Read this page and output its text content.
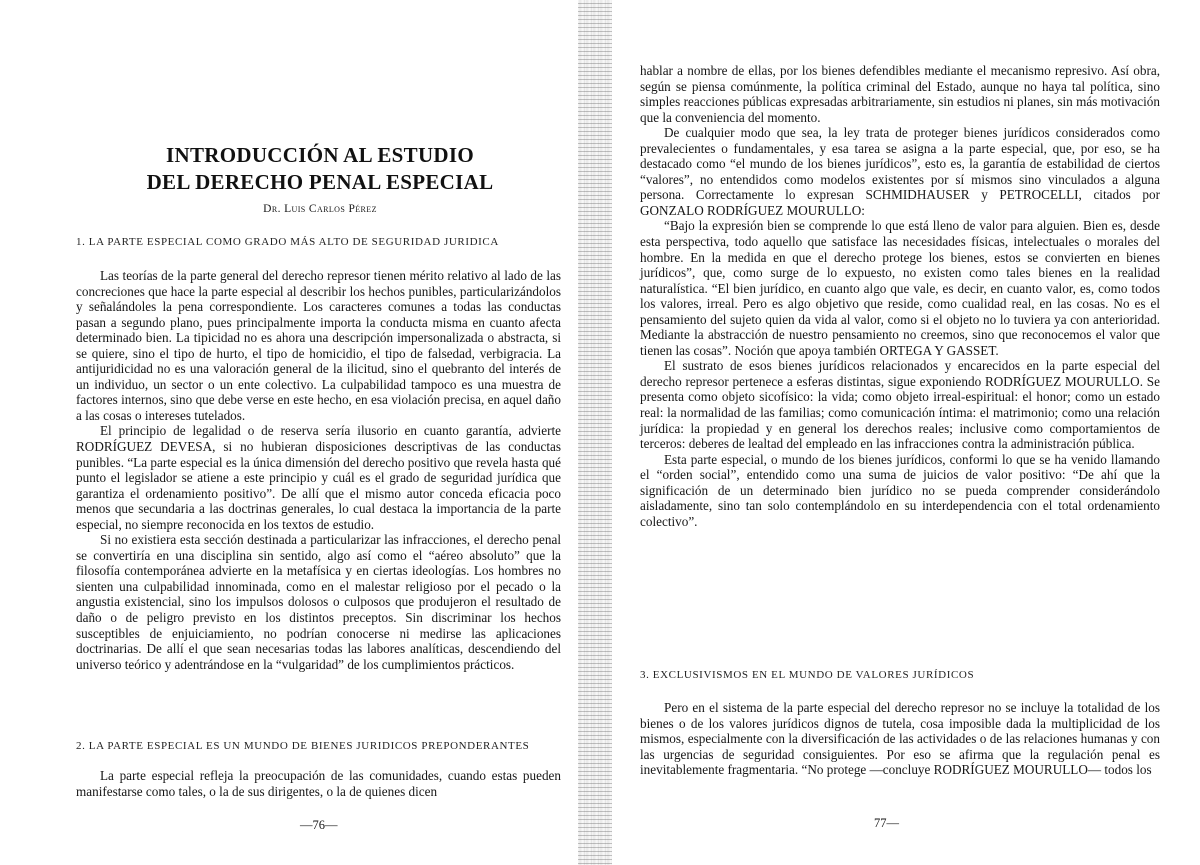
INTRODUCCIÓN AL ESTUDIO
DEL DERECHO PENAL ESPECIAL
Dr. Luis Carlos Pérez
1. LA PARTE ESPECIAL COMO GRADO MÁS ALTO DE SEGURIDAD JURIDICA

Las teorías de la parte general del derecho represor tienen mérito relativo al lado de las concreciones que hace la parte especial al describir los hechos punibles, particularizándolos y señalándoles la pena correspondiente. Los caracteres comunes a todas las conductas pasan a segundo plano, pues principalmente importa la conducta misma en cuanto afecta determinado bien. La tipicidad no es ahora una descripción impersonalizada o abstracta, si se quiere, sino el tipo de hurto, el tipo de homicidio, el tipo de falsedad, verbigracia. La antijuridicidad no es una valoración general de la ilicitud, sino el quebranto del interés de un individuo, un sector o un ente colectivo. La culpabilidad tampoco es una muestra de factores internos, sino que debe verse en este hecho, en esa violación precisa, en aquel daño a las cosas o intereses tutelados.

El principio de legalidad o de reserva sería ilusorio en cuanto garantía, advierte RODRÍGUEZ DEVESA, si no hubieran disposiciones descriptivas de las conductas punibles. “La parte especial es la única dimensión del derecho positivo que revela hasta qué punto el legislador se atiene a este principio y cuál es el grado de seguridad jurídica que garantiza el ordenamiento positivo”. De allí que el mismo autor conceda eficacia poco menos que secundaria a las doctrinas generales, lo cual destaca la importancia de la parte especial, no siempre reconocida en los textos de estudio.

Si no existiera esta sección destinada a particularizar las infracciones, el derecho penal se convertiría en una disciplina sin sentido, algo así como el “aéreo absoluto” que la filosofía contemporánea advierte en la metafísica y en ciertas ideologías. Los hombres no sienten una culpabilidad innominada, como en el malestar religioso por el pecado o la angustia existencial, sino los impulsos dolosos o culposos que produjeron el resultado de daño o de peligro previsto en los distintos preceptos. Sin discriminar los hechos susceptibles de enjuiciamiento, no podrían conocerse ni medirse las aplicaciones doctrinarias. De allí el que sean necesarias todas las labores analíticas, descendiendo del universo teórico y adentrándose en la “vulgaridad” de los cumplimientos prácticos.

2. LA PARTE ESPECIAL ES UN MUNDO DE BIENES JURIDICOS PREPONDERANTES

La parte especial refleja la preocupación de las comunidades, cuando estas pueden manifestarse como tales, o la de sus dirigentes, o la de quienes dicen

—76—

hablar a nombre de ellas, por los bienes defendibles mediante el mecanismo represivo. Así obra, según se piensa comúnmente, la política criminal del Estado, aunque no haya tal política, sino simples reacciones públicas expresadas arbitrariamente, sin estudios ni planes, sin más motivación que la conveniencia del momento.

De cualquier modo que sea, la ley trata de proteger bienes jurídicos considerados como prevalecientes o fundamentales, y esa tarea se asigna a la parte especial, que, por eso, se ha destacado como “el mundo de los bienes jurídicos”, esto es, la garantía de estabilidad de ciertos “valores”, no entendidos como modelos existentes por sí mismos sino vinculados a alguna persona. Correctamente lo expresan SCHMIDHAUSER y PETROCELLI, citados por GONZALO RODRÍGUEZ MOURULLO:

“Bajo la expresión bien se comprende lo que está lleno de valor para alguien. Bien es, desde esta perspectiva, todo aquello que satisface las necesidades físicas, intelectuales o morales del hombre. En la medida en que el derecho protege los bienes, estos se convierten en bienes jurídicos”, que, como surge de lo expuesto, no existen como tales bienes en la realidad naturalística. “El bien jurídico, en cuanto algo que vale, es decir, en cuanto valor, es, como todos los valores, irreal. Pero es algo objetivo que reside, como cualidad real, en las cosas. No es el pensamiento del sujeto quien da vida al valor, como si el objeto no lo tuviera ya con anterioridad. Mediante la abstracción de nuestro pensamiento no creemos, sino que reconocemos el valor que tienen las cosas”. Noción que apoya también ORTEGA Y GASSET.

El sustrato de esos bienes jurídicos relacionados y encarecidos en la parte especial del derecho represor pertenece a esferas distintas, sigue exponiendo RODRÍGUEZ MOURULLO. Se presenta como objeto sicofísico: la vida; como objeto irreal-espiritual: el honor; como un estado real: la normalidad de las familias; como comunicación íntima: el matrimonio; como una relación jurídica: la propiedad y en general los derechos reales; inclusive como comportamientos de terceros: deberes de lealtad del empleado en las infracciones contra la administración pública.

Esta parte especial, o mundo de los bienes jurídicos, conformi lo que se ha venido llamando el “orden social”, entendido como una suma de juicios de valor positivo: “De ahí que la significación de un determinado bien jurídico no se pueda comprender considerándolo aisladamente, sino tan solo contemplándolo en su interdependencia con el total ordenamiento colectivo”.

3. EXCLUSIVISMOS EN EL MUNDO DE VALORES JURÍDICOS

Pero en el sistema de la parte especial del derecho represor no se incluye la totalidad de los bienes o de los valores jurídicos dignos de tutela, cosa imposible dada la multiplicidad de los mismos, especialmente con la diversificación de las actividades o de las relaciones humanas y con las urgencias de seguridad consiguientes. Por eso se afirma que la regulación penal es inevitablemente fragmentaria. “No protege —concluye RODRÍGUEZ MOURULLO— todos los

77—
